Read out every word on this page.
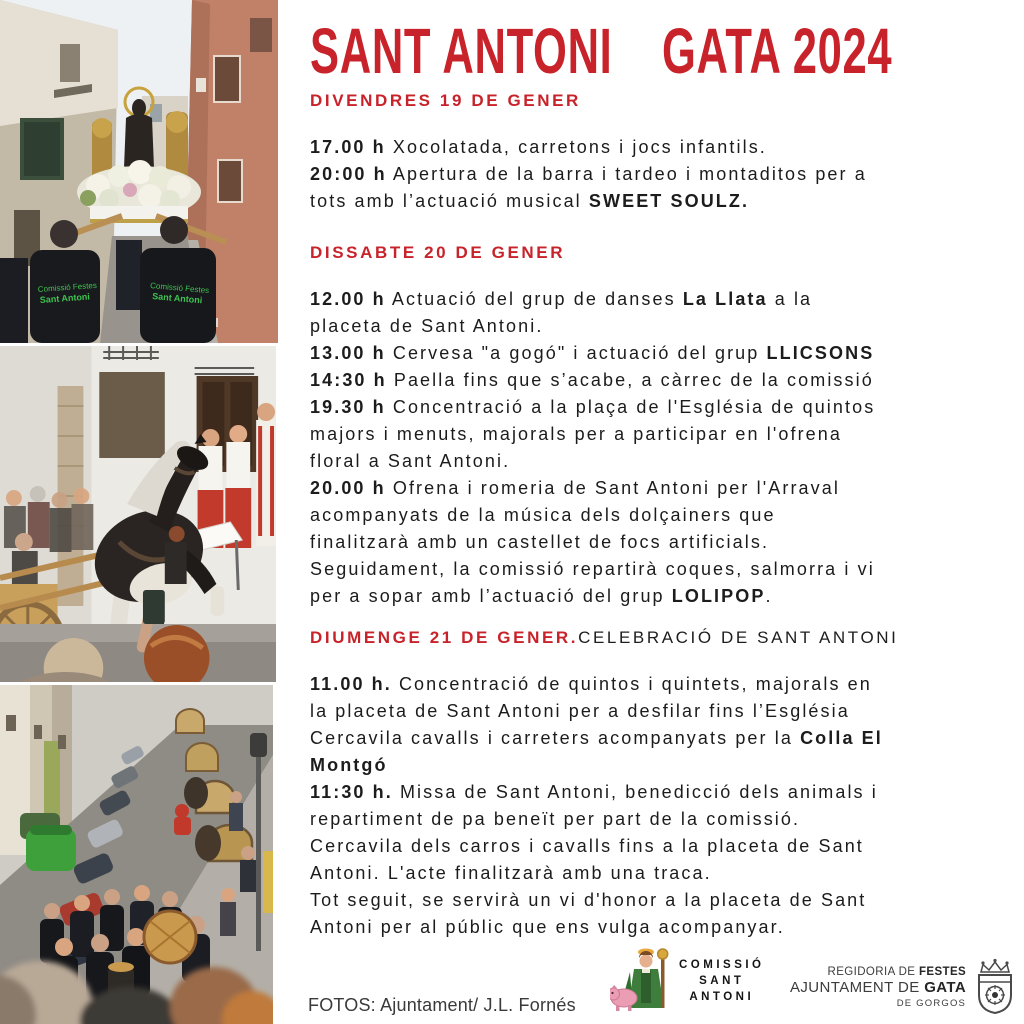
Comissió Festes
Sant Antoni
Comissió Festes
Sant Antoni
SANT ANTONI GATA 2024
DIVENDRES 19 DE GENER
17.00 h Xocolatada, carretons i jocs infantils.
20:00 h Apertura de la barra i tardeo i montaditos per a
tots amb l’actuació musical SWEET SOULZ.
DISSABTE 20 DE GENER
12.00 h Actuació del grup de danses La Llata a la
placeta de Sant Antoni.
13.00 h Cervesa "a gogó" i actuació del grup LLICSONS
14:30 h Paella fins que s’acabe, a càrrec de la comissió
19.30 h Concentració a la plaça de l'Església de quintos
majors i menuts, majorals per a participar en l'ofrena
floral a Sant Antoni.
20.00 h Ofrena i romeria de Sant Antoni per l'Arraval
acompanyats de la música dels dolçainers que
finalitzarà amb un castellet de focs artificials.
Seguidament, la comissió repartirà coques, salmorra i vi
per a sopar amb l’actuació del grup LOLIPOP.
DIUMENGE 21 DE GENER.CELEBRACIÓ DE SANT ANTONI
11.00 h. Concentració de quintos i quintets, majorals en
la placeta de Sant Antoni per a desfilar fins l’Església
Cercavila cavalls i carreters acompanyats per la Colla El
Montgó
11:30 h. Missa de Sant Antoni, benedicció dels animals i
repartiment de pa beneït per part de la comissió.
Cercavila dels carros i cavalls fins a la placeta de Sant
Antoni. L'acte finalitzarà amb una traca.
Tot seguit, se servirà un vi d'honor a la placeta de Sant
Antoni per al públic que ens vulga acompanyar.
FOTOS: Ajuntament/ J.L. Fornés
COMISSIÓ
SANT
ANTONI
REGIDORIA DE FESTES
AJUNTAMENT DE GATA
DE GORGOS
